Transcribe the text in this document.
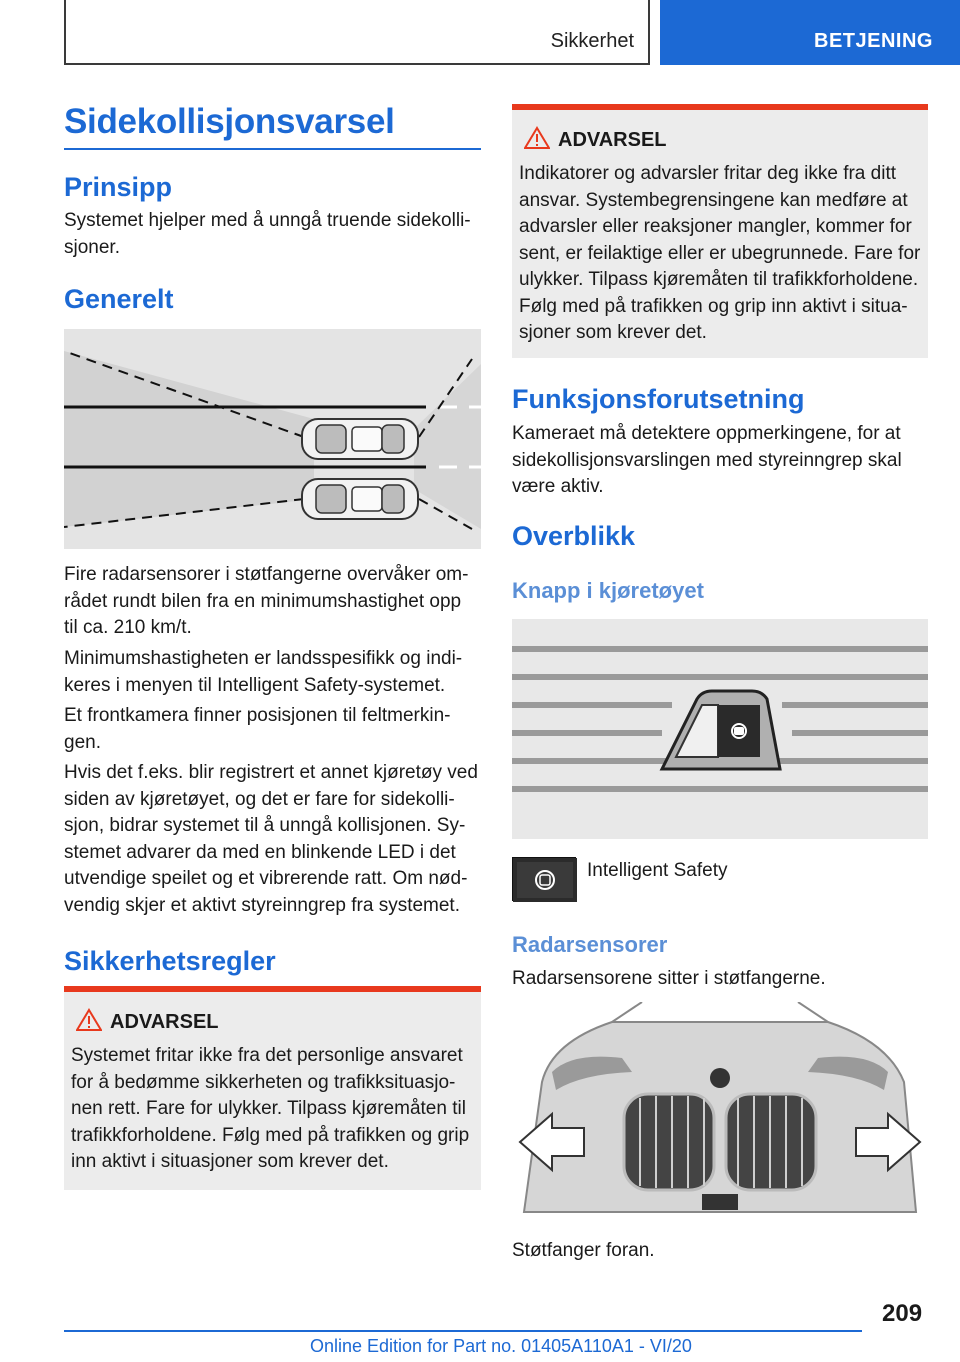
Sikkerhet	BETJENING
Sidekollisjonsvarsel
Prinsipp
Systemet hjelper med å unngå truende sidekolli-
sjoner.
Generelt
Fire radarsensorer i støtfangerne overvåker om-
rådet rundt bilen fra en minimumshastighet opp
til ca. 210 km/t.
Minimumshastigheten er landsspesifikk og indi-
keres i menyen til Intelligent Safety-systemet.
Et frontkamera finner posisjonen til feltmerkin-
gen.
Hvis det f.eks. blir registrert et annet kjøretøy ved
siden av kjøretøyet, og det er fare for sidekolli-
sjon, bidrar systemet til å unngå kollisjonen. Sy-
stemet advarer da med en blinkende LED i det
utvendige speilet og et vibrerende ratt. Om nød-
vendig skjer et aktivt styreinngrep fra systemet.
Sikkerhetsregler
ADVARSEL
Systemet fritar ikke fra det personlige ansvaret
for å bedømme sikkerheten og trafikksituasjo-
nen rett. Fare for ulykker. Tilpass kjøremåten til
trafikkforholdene. Følg med på trafikken og grip
inn aktivt i situasjoner som krever det.
ADVARSEL
Indikatorer og advarsler fritar deg ikke fra ditt
ansvar. Systembegrensingene kan medføre at
advarsler eller reaksjoner mangler, kommer for
sent, er feilaktige eller er ubegrunnede. Fare for
ulykker. Tilpass kjøremåten til trafikkforholdene.
Følg med på trafikken og grip inn aktivt i situa-
sjoner som krever det.
Funksjonsforutsetning
Kameraet må detektere oppmerkingene, for at
sidekollisjonsvarslingen med styreinngrep skal
være aktiv.
Overblikk
Knapp i kjøretøyet
Intelligent Safety
Radarsensorer
Radarsensorene sitter i støtfangerne.
Støtfanger foran.
209
Online Edition for Part no. 01405A110A1 - VI/20
